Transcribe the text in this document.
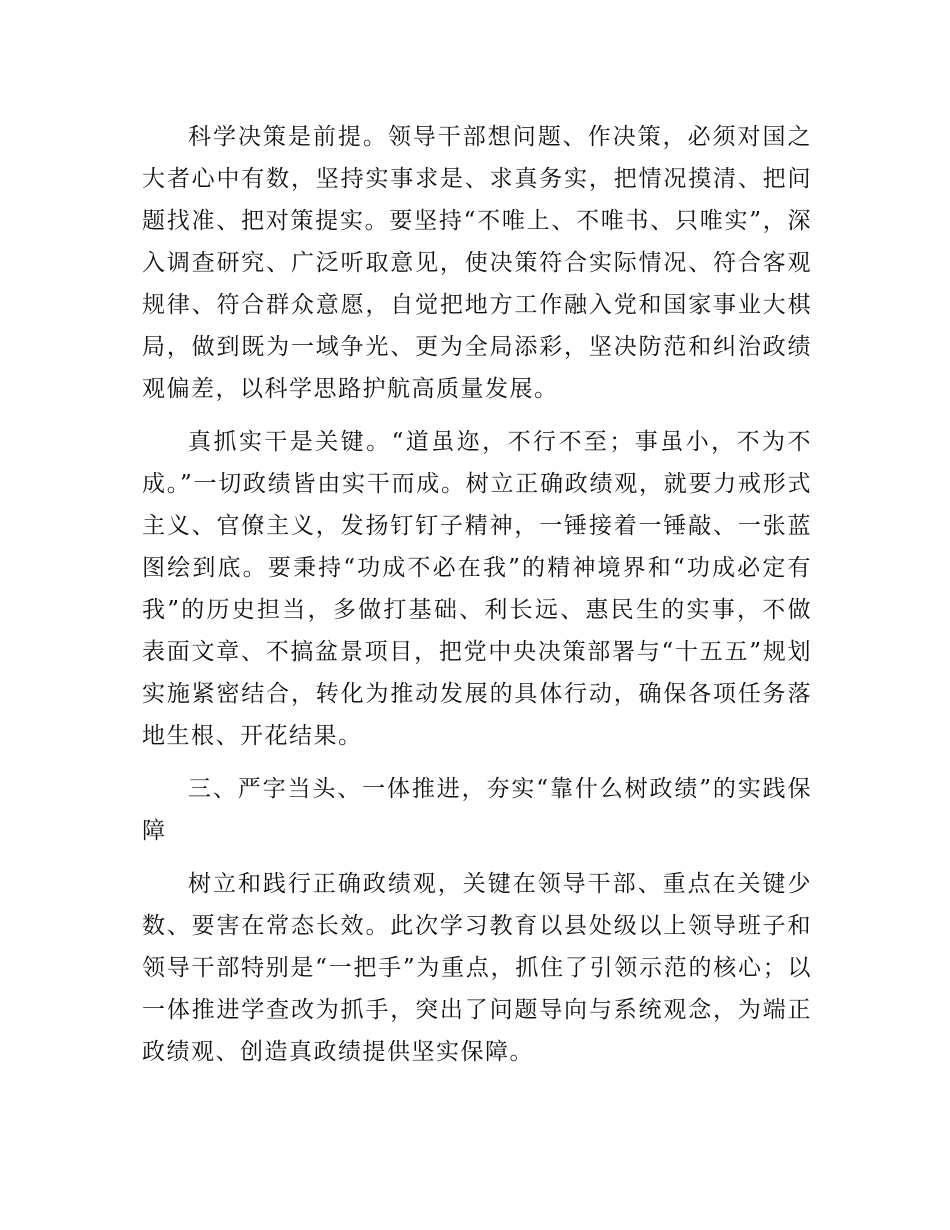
科学决策是前提。领导干部想问题、作决策，必须对国之大者心中有数，坚持实事求是、求真务实，把情况摸清、把问题找准、把对策提实。要坚持“不唯上、不唯书、只唯实”，深入调查研究、广泛听取意见，使决策符合实际情况、符合客观规律、符合群众意愿，自觉把地方工作融入党和国家事业大棋局，做到既为一域争光、更为全局添彩，坚决防范和纠治政绩观偏差，以科学思路护航高质量发展。

真抓实干是关键。“道虽迩，不行不至；事虽小，不为不成。”一切政绩皆由实干而成。树立正确政绩观，就要力戒形式主义、官僚主义，发扬钉钉子精神，一锤接着一锤敲、一张蓝图绘到底。要秉持“功成不必在我”的精神境界和“功成必定有我”的历史担当，多做打基础、利长远、惠民生的实事，不做表面文章、不搞盆景项目，把党中央决策部署与“十五五”规划实施紧密结合，转化为推动发展的具体行动，确保各项任务落地生根、开花结果。

三、严字当头、一体推进，夯实“靠什么树政绩”的实践保障

树立和践行正确政绩观，关键在领导干部、重点在关键少数、要害在常态长效。此次学习教育以县处级以上领导班子和领导干部特别是“一把手”为重点，抓住了引领示范的核心；以一体推进学查改为抓手，突出了问题导向与系统观念，为端正政绩观、创造真政绩提供坚实保障。
